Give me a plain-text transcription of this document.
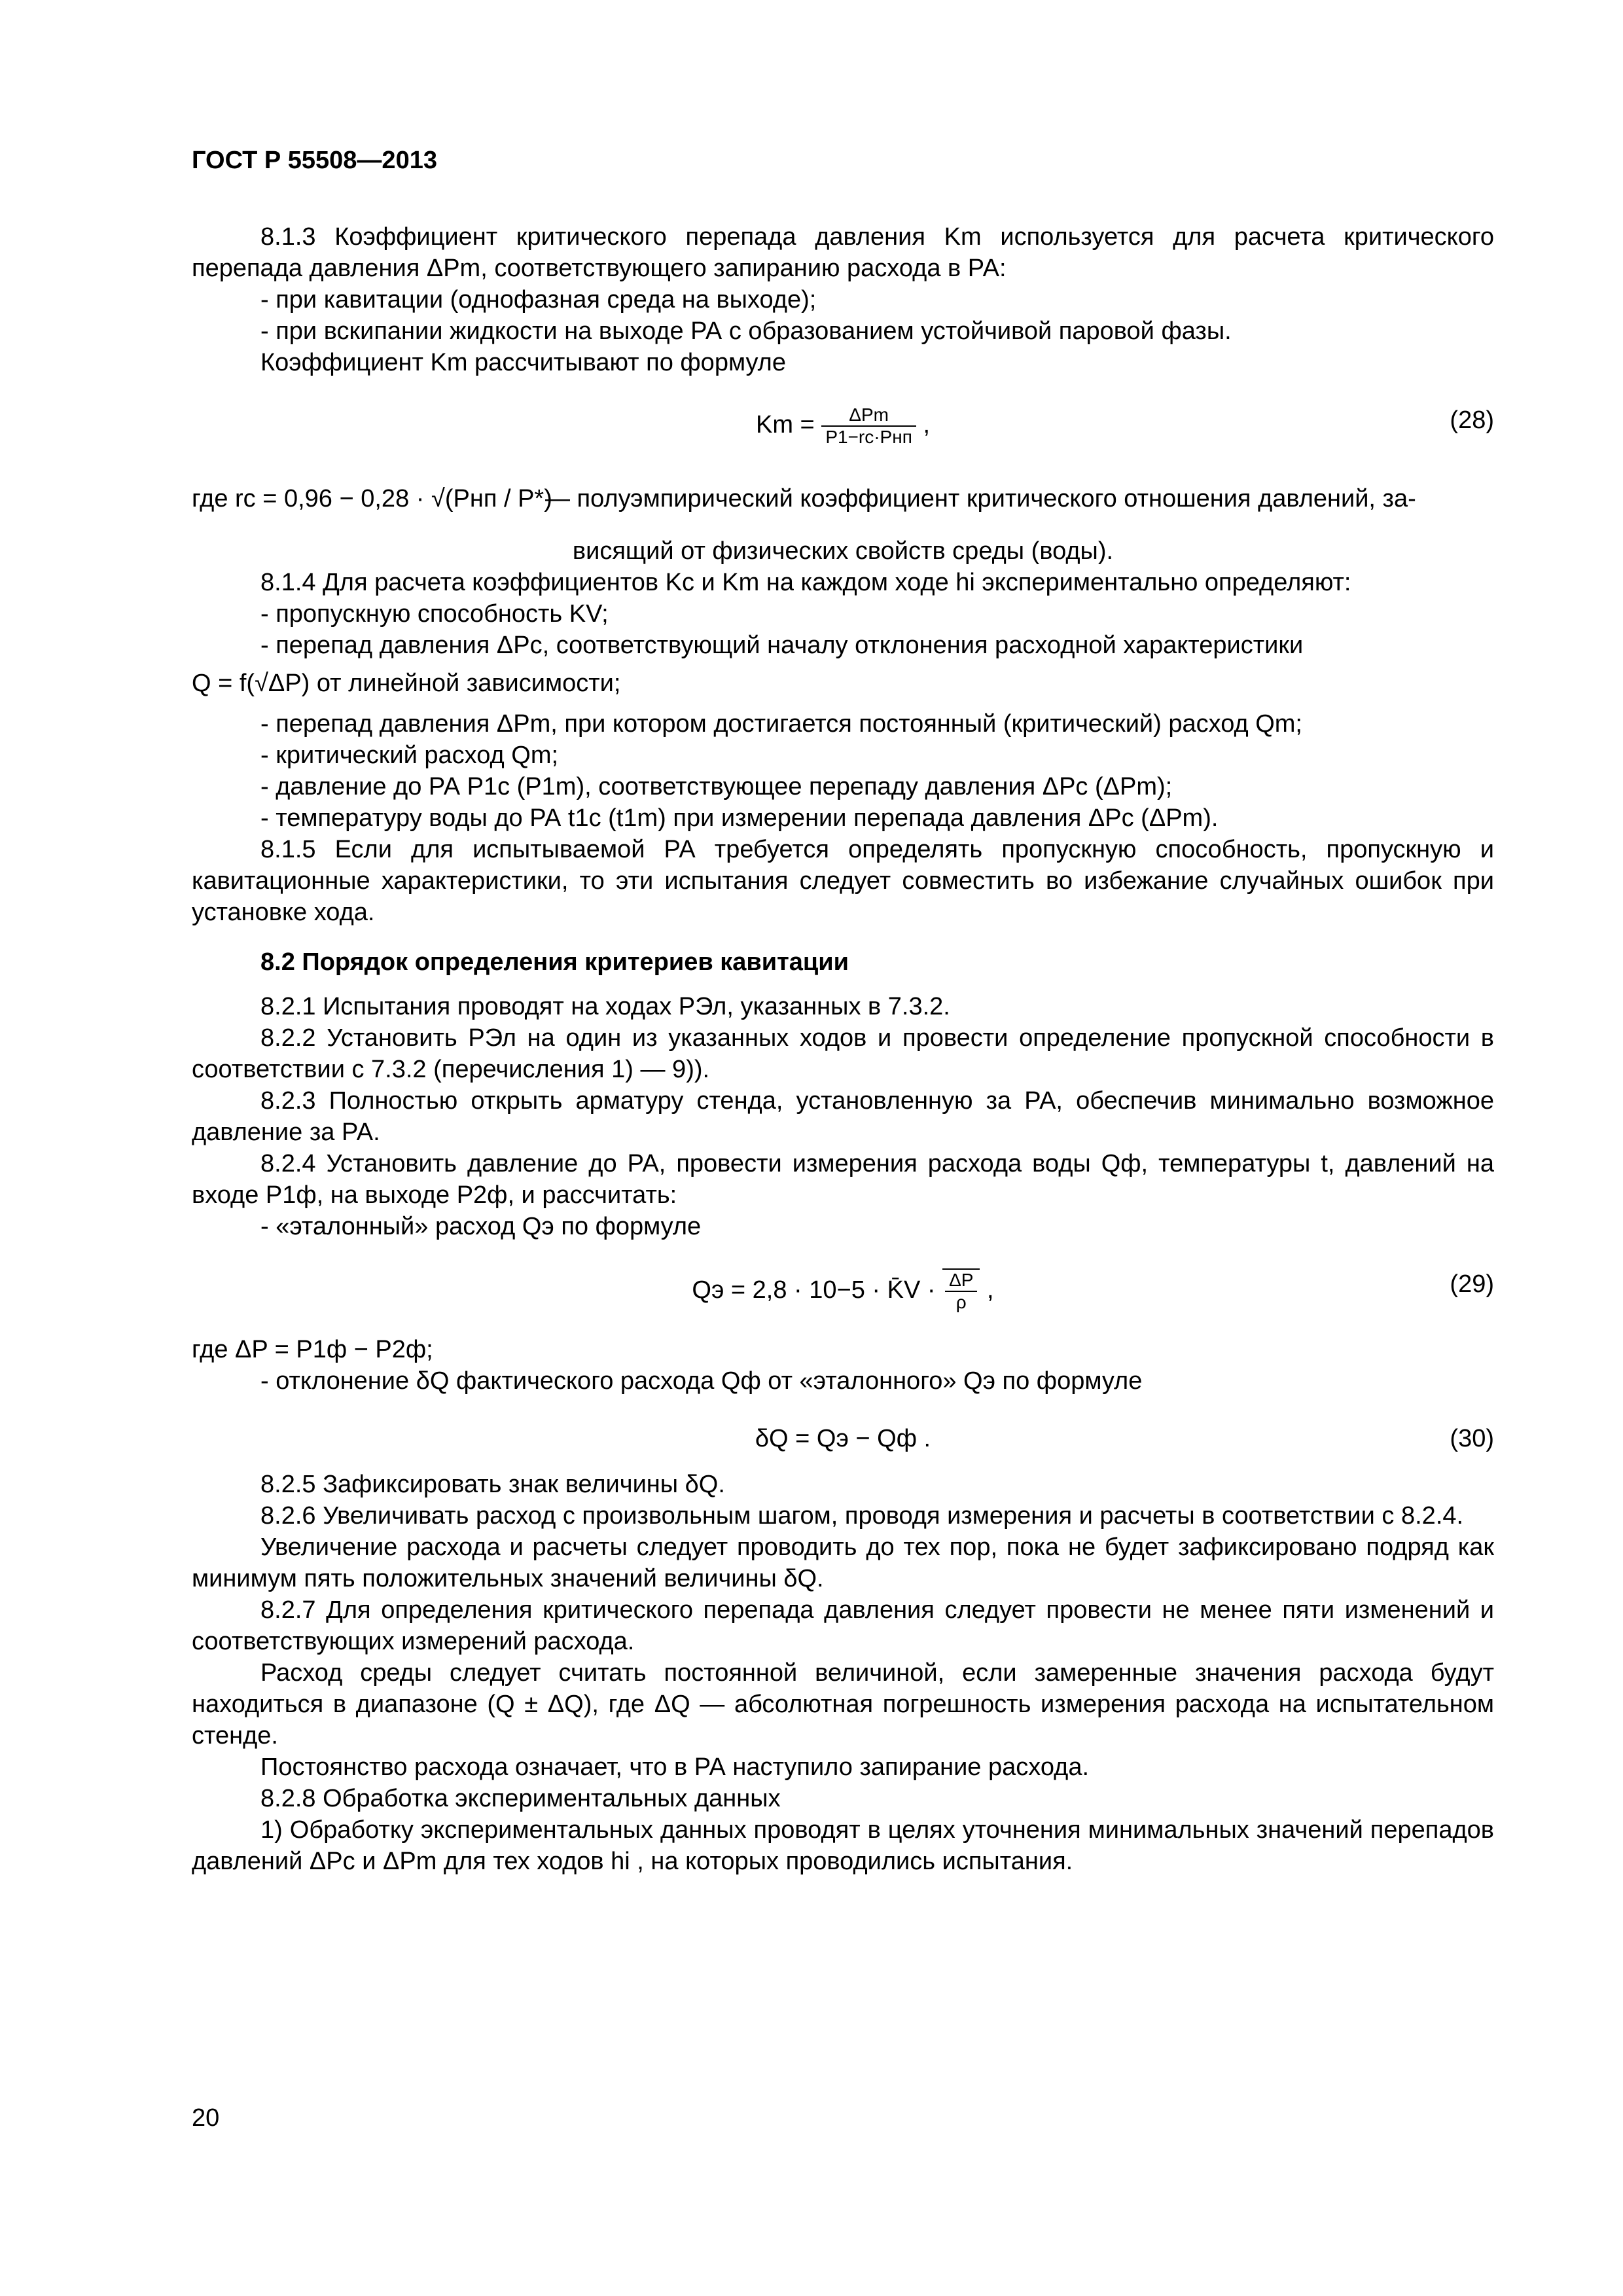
ГОСТ Р 55508—2013

8.1.3 Коэффициент критического перепада давления Km используется для расчета критического перепада давления ΔPm, соответствующего запиранию расхода в РА:

- при кавитации (однофазная среда на выходе);

- при вскипании жидкости на выходе РА с образованием устойчивой паровой фазы.

Коэффициент Km рассчитывают по формуле

$Km = \frac{\text{ΔPm}}{\text{P1−rc·Pнп}}$ ,	(28)
где rc = 0,96 − 0,28 · √(Pнп / P*)
— полуэмпирический коэффициент критического отношения давлений, за-

висящий от физических свойств среды (воды).

8.1.4 Для расчета коэффициентов Kc и Km на каждом ходе hi экспериментально определяют:

- пропускную способность KV;

- перепад давления ΔPc, соответствующий началу отклонения расходной характеристики

Q = f(√ΔP) от линейной зависимости;

- перепад давления ΔPm, при котором достигается постоянный (критический) расход Qm;

- критический расход Qm;

- давление до РА P1c (P1m), соответствующее перепаду давления ΔPc (ΔPm);

- температуру воды до РА t1c (t1m) при измерении перепада давления ΔPc (ΔPm).

8.1.5 Если для испытываемой РА требуется определять пропускную способность, пропускную и кавитационные характеристики, то эти испытания следует совместить во избежание случайных ошибок при установке хода.

8.2 Порядок определения критериев кавитации

8.2.1 Испытания проводят на ходах РЭл, указанных в 7.3.2.

8.2.2 Установить РЭл на один из указанных ходов и провести определение пропускной способности в соответствии с 7.3.2 (перечисления 1) — 9)).

8.2.3 Полностью открыть арматуру стенда, установленную за РА, обеспечив минимально возможное давление за РА.

8.2.4 Установить давление до РА, провести измерения расхода воды Qф, температуры t, давлений на входе P1ф, на выходе P2ф, и рассчитать:

- «эталонный» расход Qэ по формуле

Qэ = 2,8 · 10−5 · K̄V · $\frac{\Delta P}{\rho}$ ,	(29)

где ΔP = P1ф − P2ф;

- отклонение δQ фактического расхода Qф от «эталонного» Qэ по формуле

δQ = Qэ − Qф .	(30)

8.2.5 Зафиксировать знак величины δQ.

8.2.6 Увеличивать расход с произвольным шагом, проводя измерения и расчеты в соответствии с 8.2.4.

Увеличение расхода и расчеты следует проводить до тех пор, пока не будет зафиксировано подряд как минимум пять положительных значений величины δQ.

8.2.7 Для определения критического перепада давления следует провести не менее пяти изменений и соответствующих измерений расхода.

Расход среды следует считать постоянной величиной, если замеренные значения расхода будут находиться в диапазоне (Q ± ΔQ), где ΔQ — абсолютная погрешность измерения расхода на испытательном стенде.

Постоянство расхода означает, что в РА наступило запирание расхода.

8.2.8 Обработка экспериментальных данных

1) Обработку экспериментальных данных проводят в целях уточнения минимальных значений перепадов давлений ΔPc и ΔPm для тех ходов hi , на которых проводились испытания.

20
